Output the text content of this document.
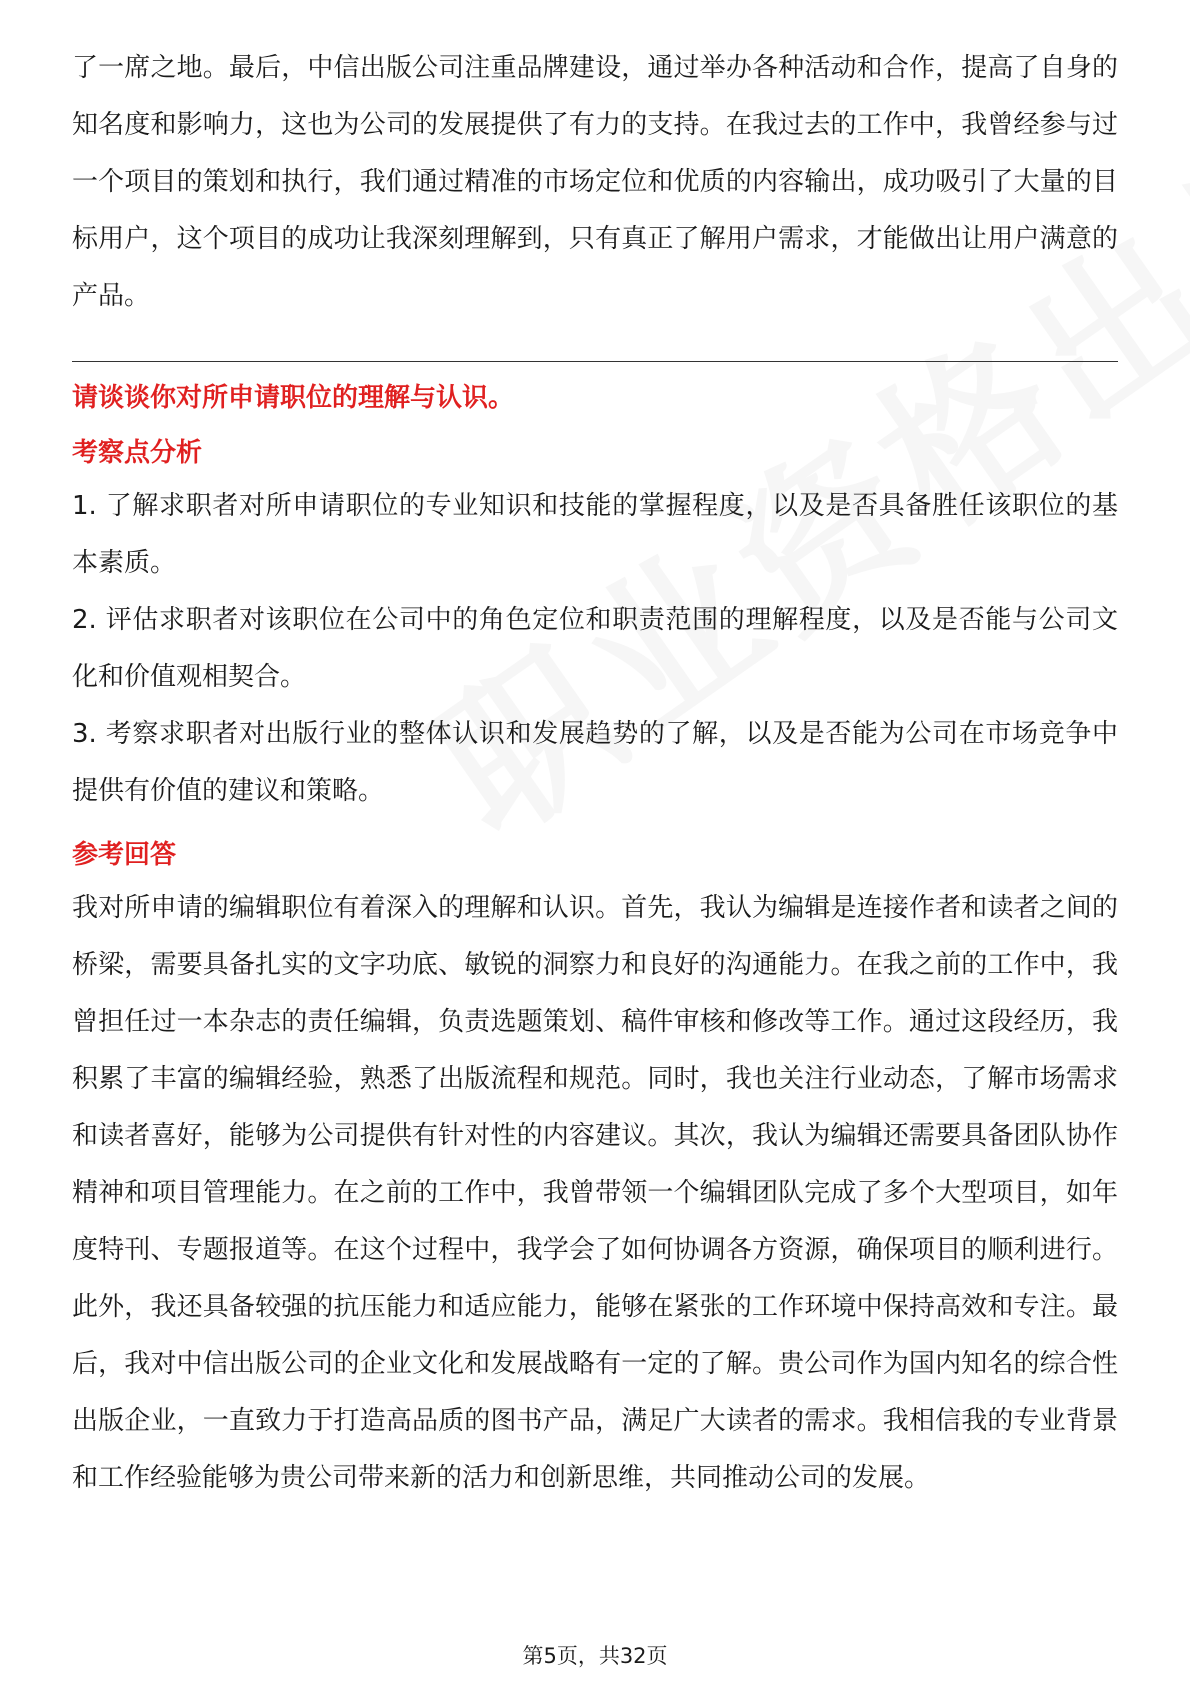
了一席之地。最后，中信出版公司注重品牌建设，通过举办各种活动和合作，提高了自身的知名度和影响力，这也为公司的发展提供了有力的支持。在我过去的工作中，我曾经参与过一个项目的策划和执行，我们通过精准的市场定位和优质的内容输出，成功吸引了大量的目标用户，这个项目的成功让我深刻理解到，只有真正了解用户需求，才能做出让用户满意的产品。

请谈谈你对所申请职位的理解与认识。

考察点分析

1. 了解求职者对所申请职位的专业知识和技能的掌握程度，以及是否具备胜任该职位的基本素质。

2. 评估求职者对该职位在公司中的角色定位和职责范围的理解程度，以及是否能与公司文化和价值观相契合。

3. 考察求职者对出版行业的整体认识和发展趋势的了解，以及是否能为公司在市场竞争中提供有价值的建议和策略。

参考回答

我对所申请的编辑职位有着深入的理解和认识。首先，我认为编辑是连接作者和读者之间的桥梁，需要具备扎实的文字功底、敏锐的洞察力和良好的沟通能力。在我之前的工作中，我曾担任过一本杂志的责任编辑，负责选题策划、稿件审核和修改等工作。通过这段经历，我积累了丰富的编辑经验，熟悉了出版流程和规范。同时，我也关注行业动态，了解市场需求和读者喜好，能够为公司提供有针对性的内容建议。其次，我认为编辑还需要具备团队协作精神和项目管理能力。在之前的工作中，我曾带领一个编辑团队完成了多个大型项目，如年度特刊、专题报道等。在这个过程中，我学会了如何协调各方资源，确保项目的顺利进行。此外，我还具备较强的抗压能力和适应能力，能够在紧张的工作环境中保持高效和专注。最后，我对中信出版公司的企业文化和发展战略有一定的了解。贵公司作为国内知名的综合性出版企业，一直致力于打造高品质的图书产品，满足广大读者的需求。我相信我的专业背景和工作经验能够为贵公司带来新的活力和创新思维，共同推动公司的发展。

第5页，共32页
